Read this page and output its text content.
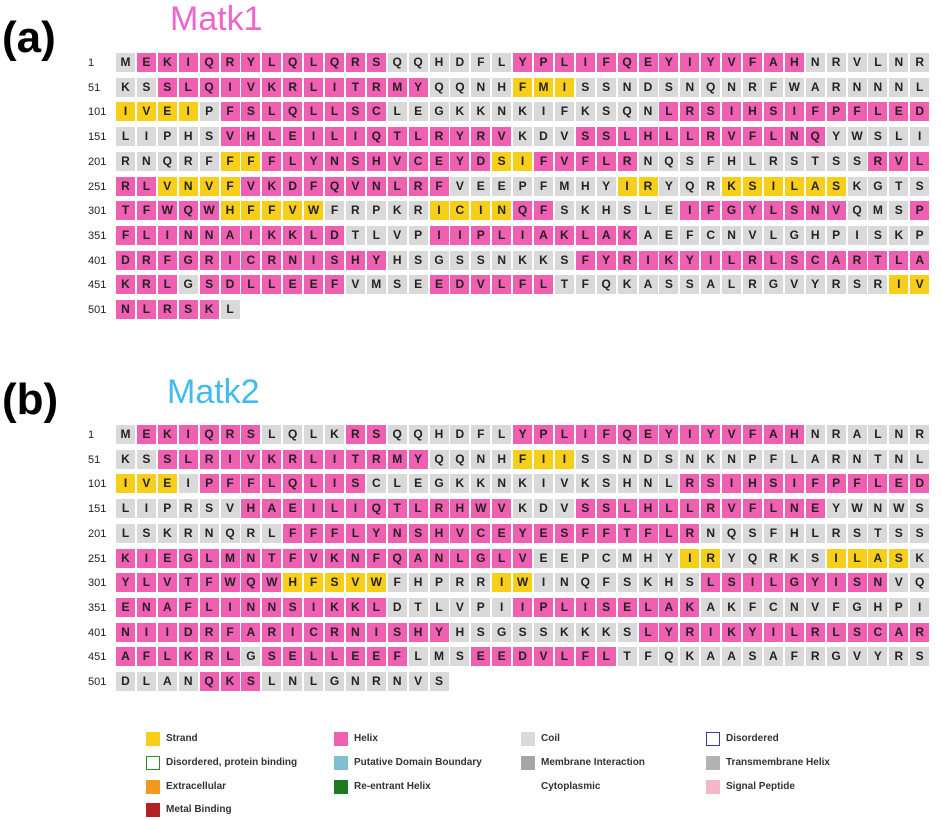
(a)	Matk1
(b)	Matk2
1	M E	K	I	Q R	Y	L	Q	L	Q R	S	Q Q H	D	F	L	Y	P	L	I	F	Q	E	Y	I	Y	V	F	A	H	N	R	V	L	N	R
51	K	S	S	L	Q	I	V	K	R	L	I	T	R M Y	Q Q N	H	F	M	I	S	S	N	D	S	N Q N	R	F W A	R	N	N	N	L
101	I	V	E	I	P	F	S	L	Q	L	L	S	C	L	E	G K	K	N	K	I	F	K	S	Q N	L	R	S	I	H	S	I	F	P	F	L	E	D
151	L	I	P	H	S	V	H	L	E	I	L	I	Q	T	L	R	Y	R	V	K	D	V	S	S	L	H	L	L	R	V	F	L	N Q	Y W S	L	I
201	R	N Q R	F	F	F	F	L	Y	N	S	H	V	C	E	Y	D	S	I	F	V	F	L	R	N Q	S	F	H	L	R	S	T	S	S	R	V	L
251	R	L	V	N	V	F	V	K	D	F	Q	V	N	L	R	F	V	E	E	P	F	M H	Y	I	R	Y	Q R	K	S	I	L	A	S	K G	T	S
301	T	F W Q W H	F	F	V W F	R	P	K	R	I	C	I	N Q	F	S	K	H	S	L	E	I	F	G	Y	L	S	N	V	Q M S	P
351	F	L	I	N	N	A	I	K	K	L	D	T	L	V	P	I	I	P	L	I	A	K	L	A	K	A	E	F	C	N	V	L	G H	P	I	S	K	P
401	D	R	F	G R	I	C	R	N	I	S	H	Y	H	S	G	S	S	N	K	K	S	F	Y	R	I	K	Y	I	L	R	L	S	C	A	R	T	L	A
451	K	R	L	G	S	D	L	L	E	E	F	V M S	E	E	D	V	L	F	L	T	F	Q K	A	S	S	A	L	R G	V	Y	R	S	R	I	V
501	N	L	R	S	K	L
1	M E	K	I	Q R	S	L	Q	L	K	R	S	Q Q H	D	F	L	Y	P	L	I	F	Q	E	Y	I	Y	V	F	A	H	N	R	A	L	N	R
51	K	S	S	L	R	I	V	K	R	L	I	T	R M Y	Q Q N	H	F	I	I	S	S	N	D	S	N	K	N	P	F	L	A	R	N	T	N	L
101	I	V	E	I	P	F	F	L	Q	L	I	S	C	L	E	G K	K	N	K	I	V	K	S	H	N	L	R	S	I	H	S	I	F	P	F	L	E	D
151	L	I	P	R	S	V	H	A	E	I	L	I	Q	T	L	R	H W V	K	D	V	S	S	L	H	L	L	R	V	F	L	N	E	Y W N W S
201	L	S	K	R	N Q R	L	F	F	F	L	Y	N	S	H	V	C	E	Y	E	S	F	F	T	F	L	R	N Q	S	F	H	L	R	S	T	S	S
251	K	I	E	G	L	M N	T	F	V	K	N	F	Q A	N	L	G	L	V	E	E	P	C M H	Y	I	R	Y	Q R	K	S	I	L	A	S	K
301	Y	L	V	T	F W Q W H	F	S	V W F	H	P	R	R	I	W	I	N Q	F	S	K	H	S	L	S	I	L	G	Y	I	S	N	V	Q
351	E	N	A	F	L	I	N	N	S	I	K	K	L	D	T	L	V	P	I	I	P	L	I	S	E	L	A	K	A	K	F	C	N	V	F	G H	P	I
401	N	I	I	D	R	F	A	R	I	C	R	N	I	S	H	Y	H	S	G	S	S	K	K	K	S	L	Y	R	I	K	Y	I	L	R	L	S	C	A	R
451	A	F	L	K	R	L	G	S	E	L	L	E	E	F	L	M S	E	E	D	V	L	F	L	T	F	Q K	A	A	S	A	F	R G	V	Y	R	S
501	D	L	A	N Q K	S	L	N	L	G N	R	N	V	S
Strand	Helix	Coil	Disordered
Disordered, protein binding	Putative Domain Boundary	Membrane Interaction	Transmembrane Helix
Extracellular	Re-entrant Helix	Cytoplasmic	Signal Peptide
Metal Binding
